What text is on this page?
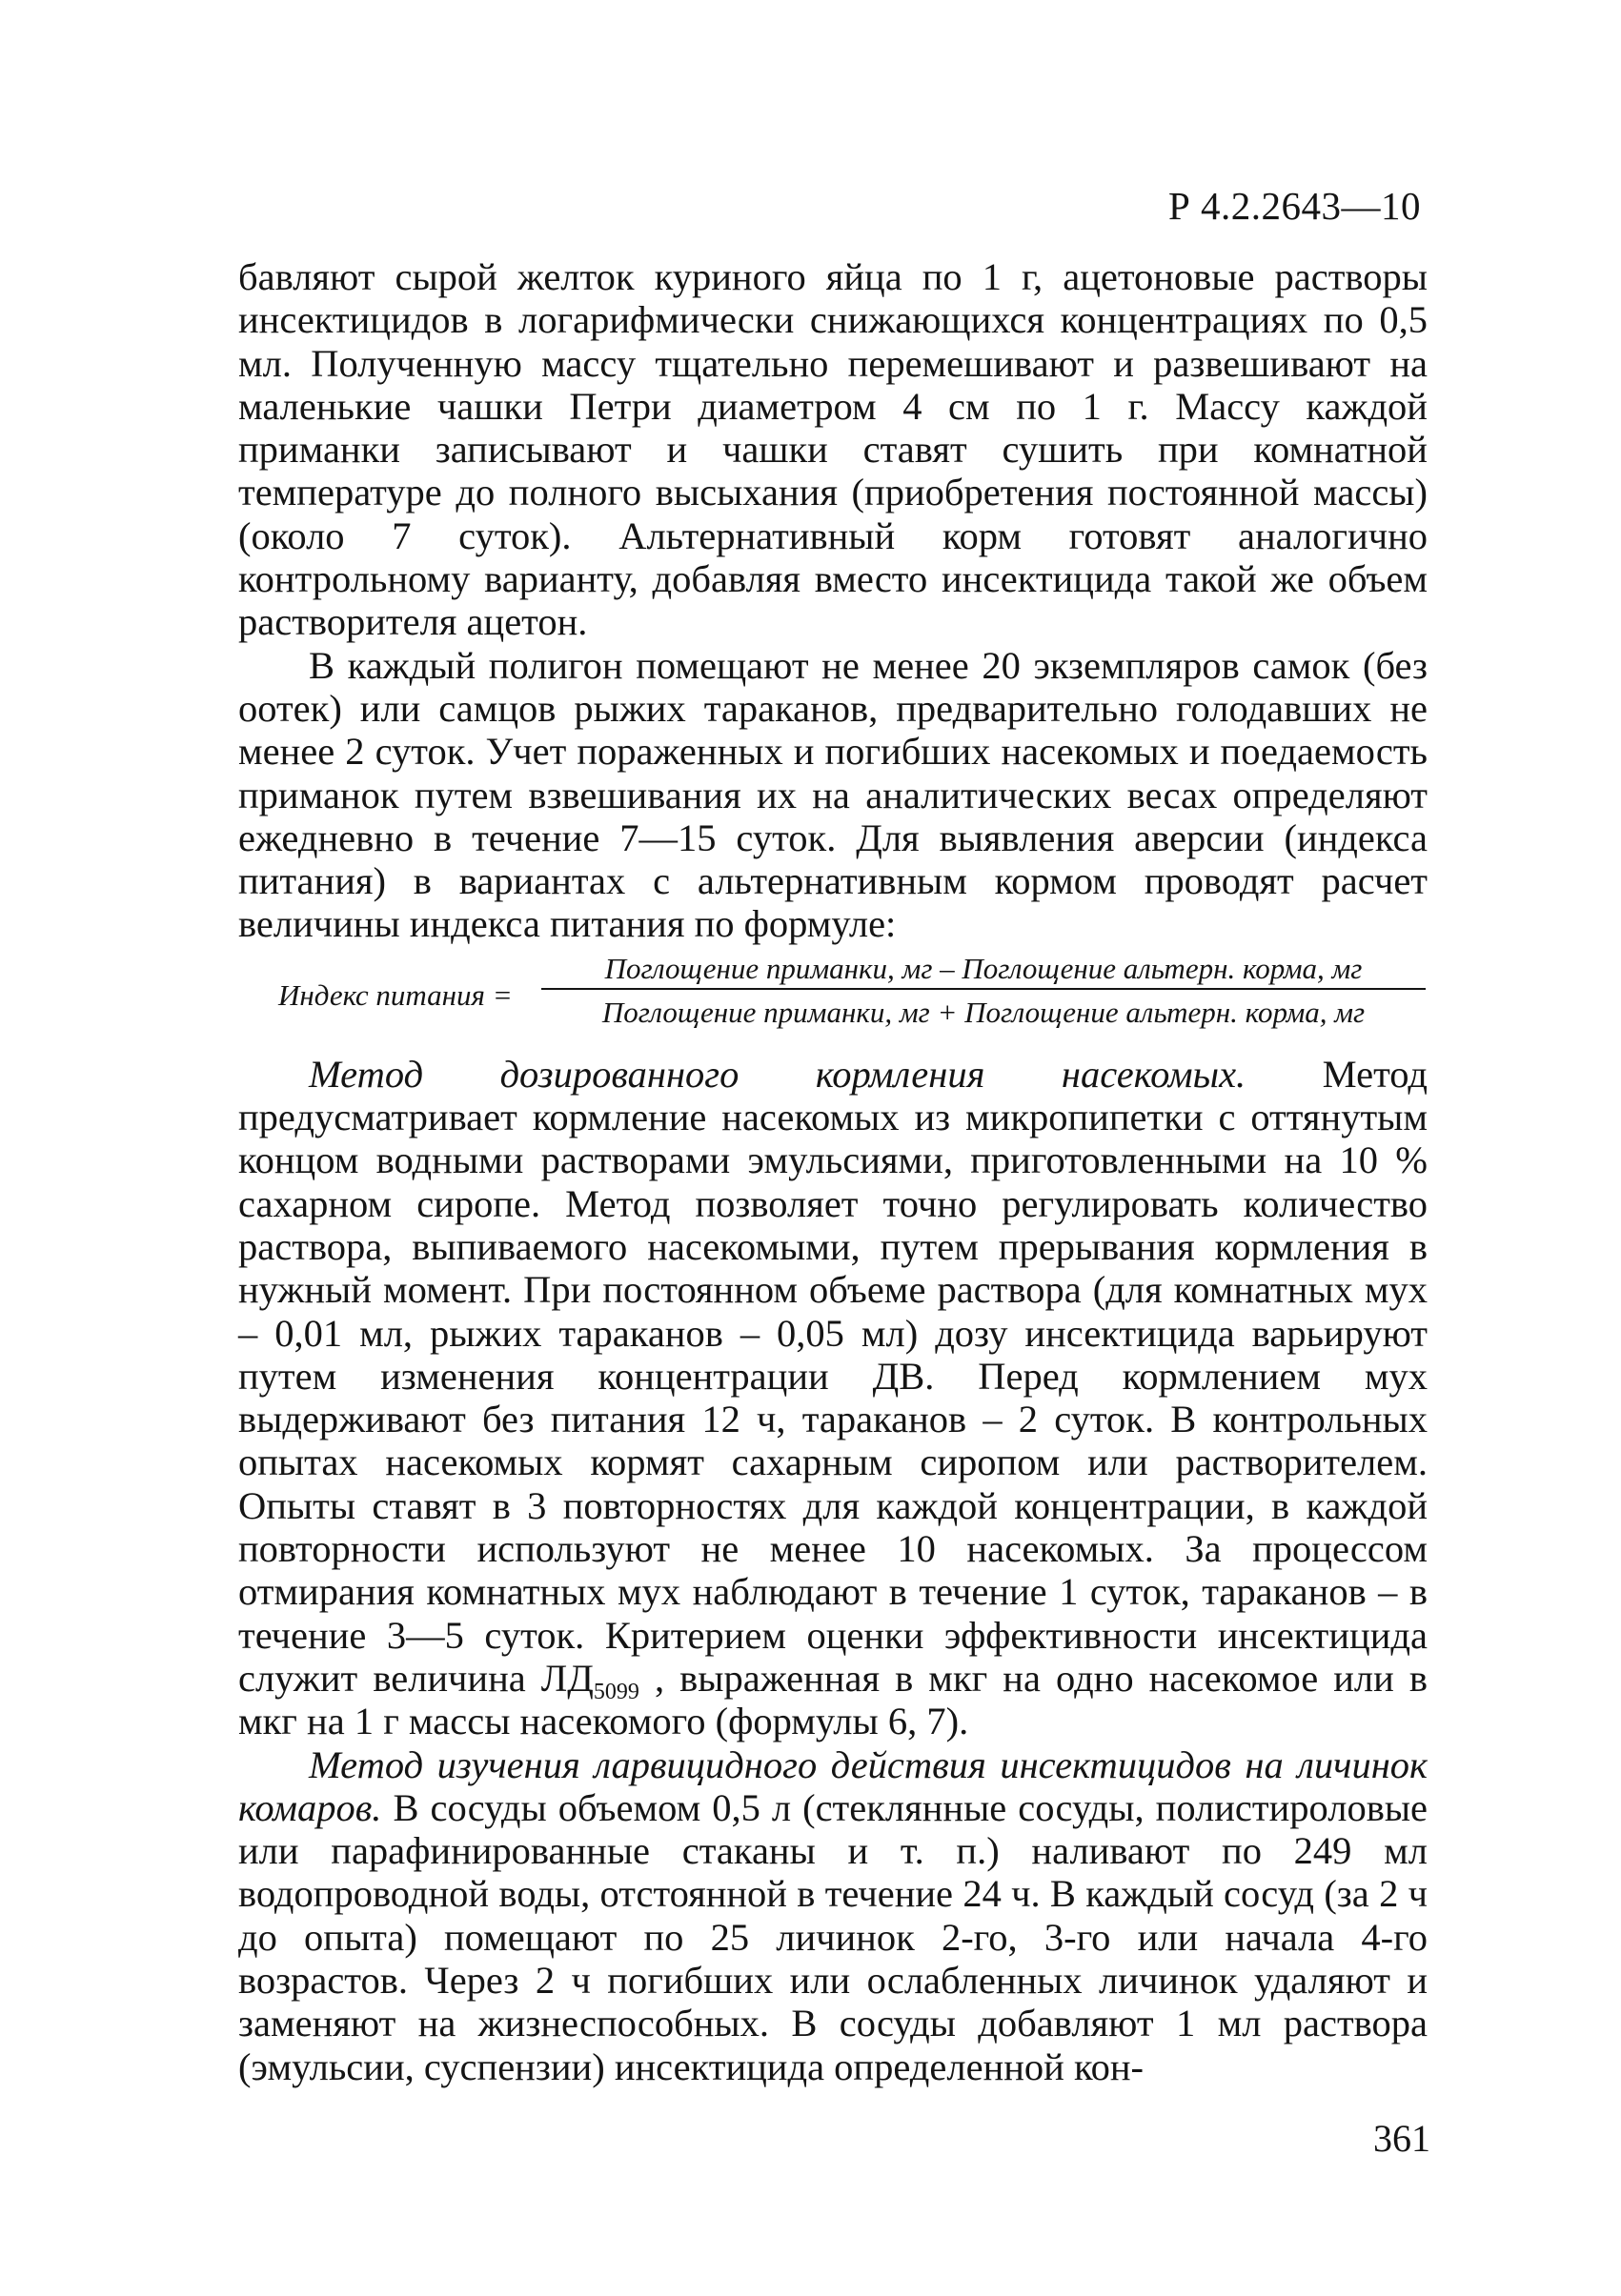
Р 4.2.2643—10

бавляют сырой желток куриного яйца по 1 г, ацетоновые растворы инсектицидов в логарифмически снижающихся концентрациях по 0,5 мл. Полученную массу тщательно перемешивают и развешивают на маленькие чашки Петри диаметром 4 см по 1 г. Массу каждой приманки записывают и чашки ставят сушить при комнатной температуре до полного высыхания (приобретения постоянной массы) (около 7 суток). Альтернативный корм готовят аналогично контрольному варианту, добавляя вместо инсектицида такой же объем растворителя ацетон.

В каждый полигон помещают не менее 20 экземпляров самок (без оотек) или самцов рыжих тараканов, предварительно голодавших не менее 2 суток. Учет пораженных и погибших насекомых и поедаемость приманок путем взвешивания их на аналитических весах определяют ежедневно в течение 7—15 суток. Для выявления аверсии (индекса питания) в вариантах с альтернативным кормом проводят расчет величины индекса питания по формуле:

Индекс питания =
Поглощение приманки, мг – Поглощение альтерн. корма, мг
Поглощение приманки, мг + Поглощение альтерн. корма, мг

Метод дозированного кормления насекомых. Метод предусматривает кормление насекомых из микропипетки с оттянутым концом водными растворами эмульсиями, приготовленными на 10 % сахарном сиропе. Метод позволяет точно регулировать количество раствора, выпиваемого насекомыми, путем прерывания кормления в нужный момент. При постоянном объеме раствора (для комнатных мух – 0,01 мл, рыжих тараканов – 0,05 мл) дозу инсектицида варьируют путем изменения концентрации ДВ. Перед кормлением мух выдерживают без питания 12 ч, тараканов – 2 суток. В контрольных опытах насекомых кормят сахарным сиропом или растворителем. Опыты ставят в 3 повторностях для каждой концентрации, в каждой повторности используют не менее 10 насекомых. За процессом отмирания комнатных мух наблюдают в течение 1 суток, тараканов – в течение 3—5 суток. Критерием оценки эффективности инсектицида служит величина $ЛД_{5099}$ , выраженная в мкг на одно насекомое или в мкг на 1 г массы насекомого (формулы 6, 7).

Метод изучения ларвицидного действия инсектицидов на личинок комаров. В сосуды объемом 0,5 л (стеклянные сосуды, полистироловые или парафинированные стаканы и т. п.) наливают по 249 мл водопроводной воды, отстоянной в течение 24 ч. В каждый сосуд (за 2 ч до опыта) помещают по 25 личинок 2-го, 3-го или начала 4-го возрастов. Через 2 ч погибших или ослабленных личинок удаляют и заменяют на жизнеспособных. В сосуды добавляют 1 мл раствора (эмульсии, суспензии) инсектицида определенной кон-

361
